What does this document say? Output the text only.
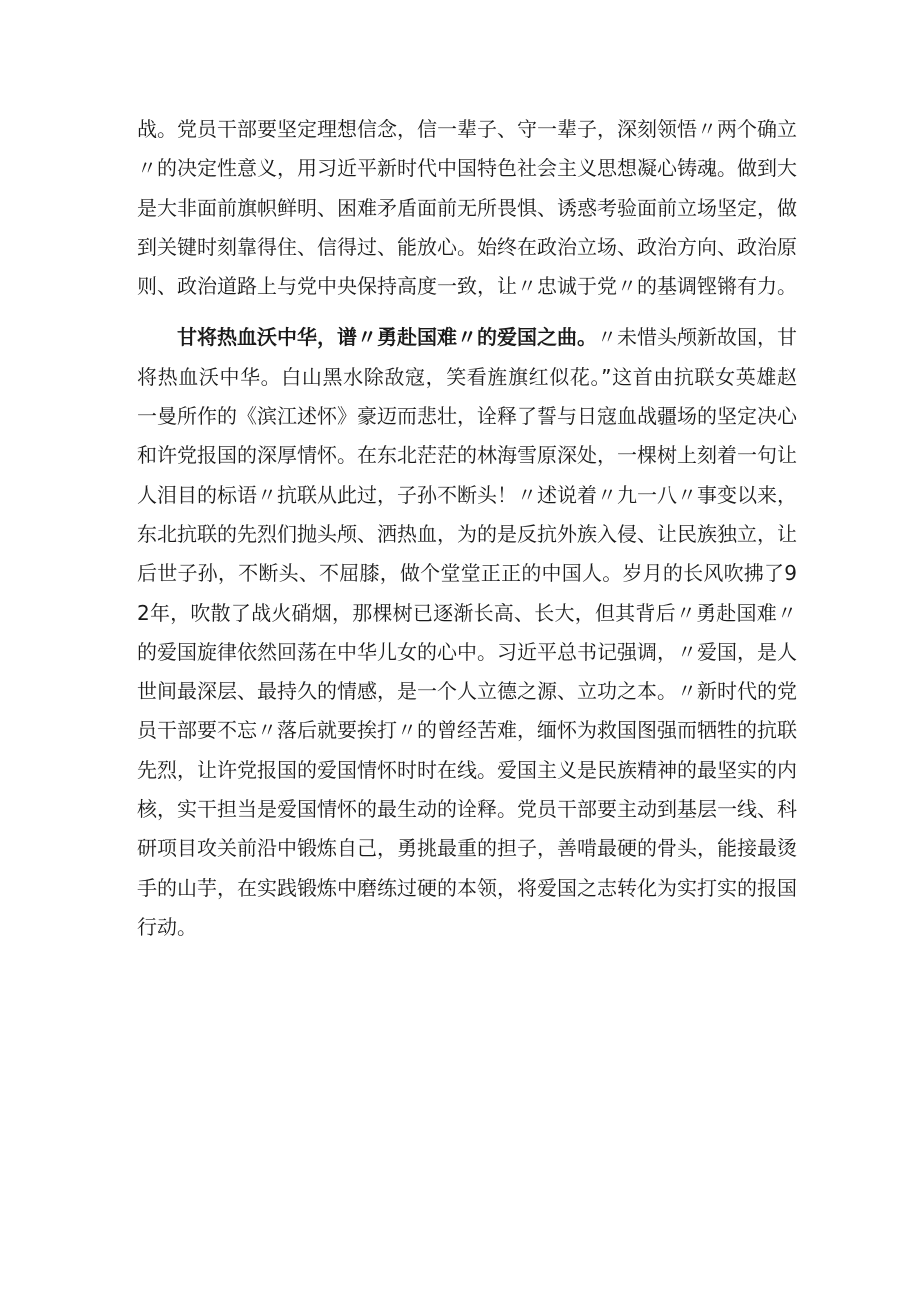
战。党员干部要坚定理想信念，信一辈子、守一辈子，深刻领悟〃两个确立〃的决定性意义，用习近平新时代中国特色社会主义思想凝心铸魂。做到大是大非面前旗帜鲜明、困难矛盾面前无所畏惧、诱惑考验面前立场坚定，做到关键时刻靠得住、信得过、能放心。始终在政治立场、政治方向、政治原则、政治道路上与党中央保持高度一致，让〃忠诚于党〃的基调铿锵有力。

甘将热血沃中华，谱〃勇赴国难〃的爱国之曲。〃未惜头颅新故国，甘将热血沃中华。白山黑水除敌寇，笑看旌旗红似花。”这首由抗联女英雄赵一曼所作的《滨江述怀》豪迈而悲壮，诠释了誓与日寇血战疆场的坚定决心和许党报国的深厚情怀。在东北茫茫的林海雪原深处，一棵树上刻着一句让人泪目的标语〃抗联从此过，子孙不断头！〃述说着〃九一八〃事变以来，东北抗联的先烈们抛头颅、洒热血，为的是反抗外族入侵、让民族独立，让后世子孙，不断头、不屈膝，做个堂堂正正的中国人。岁月的长风吹拂了92年，吹散了战火硝烟，那棵树已逐渐长高、长大，但其背后〃勇赴国难〃的爱国旋律依然回荡在中华儿女的心中。习近平总书记强调，〃爱国，是人世间最深层、最持久的情感，是一个人立德之源、立功之本。〃新时代的党员干部要不忘〃落后就要挨打〃的曾经苦难，缅怀为救国图强而牺牲的抗联先烈，让许党报国的爱国情怀时时在线。爱国主义是民族精神的最坚实的内核，实干担当是爱国情怀的最生动的诠释。党员干部要主动到基层一线、科研项目攻关前沿中锻炼自己，勇挑最重的担子，善啃最硬的骨头，能接最烫手的山芋，在实践锻炼中磨练过硬的本领，将爱国之志转化为实打实的报国行动。
